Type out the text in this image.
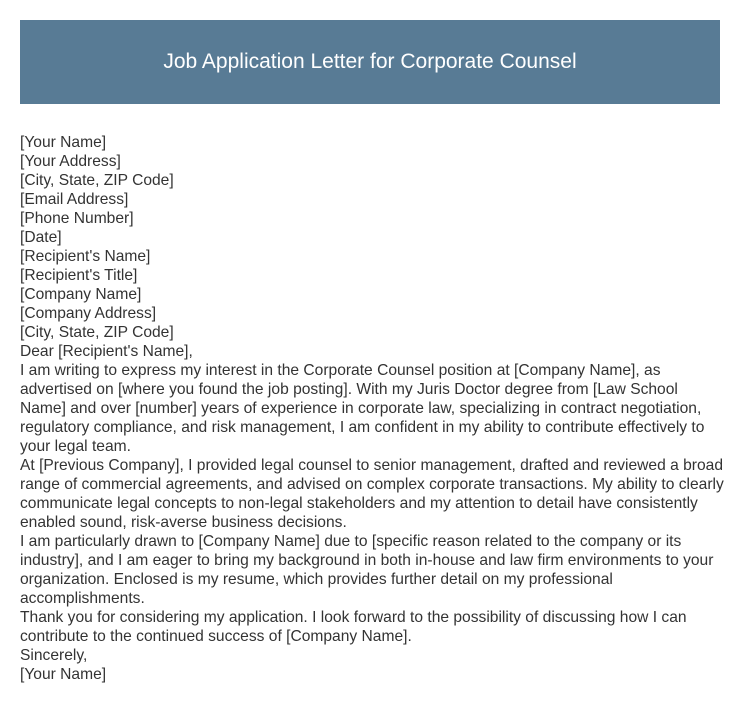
Job Application Letter for Corporate Counsel

[Your Name]

[Your Address]

[City, State, ZIP Code]

[Email Address]

[Phone Number]

[Date]

[Recipient's Name]

[Recipient's Title]

[Company Name]

[Company Address]

[City, State, ZIP Code]

Dear [Recipient's Name],

I am writing to express my interest in the Corporate Counsel position at [Company Name], as advertised on [where you found the job posting]. With my Juris Doctor degree from [Law School Name] and over [number] years of experience in corporate law, specializing in contract negotiation, regulatory compliance, and risk management, I am confident in my ability to contribute effectively to your legal team.

At [Previous Company], I provided legal counsel to senior management, drafted and reviewed a broad range of commercial agreements, and advised on complex corporate transactions. My ability to clearly communicate legal concepts to non-legal stakeholders and my attention to detail have consistently enabled sound, risk-averse business decisions.

I am particularly drawn to [Company Name] due to [specific reason related to the company or its industry], and I am eager to bring my background in both in-house and law firm environments to your organization. Enclosed is my resume, which provides further detail on my professional accomplishments.

Thank you for considering my application. I look forward to the possibility of discussing how I can contribute to the continued success of [Company Name].

Sincerely,

[Your Name]
